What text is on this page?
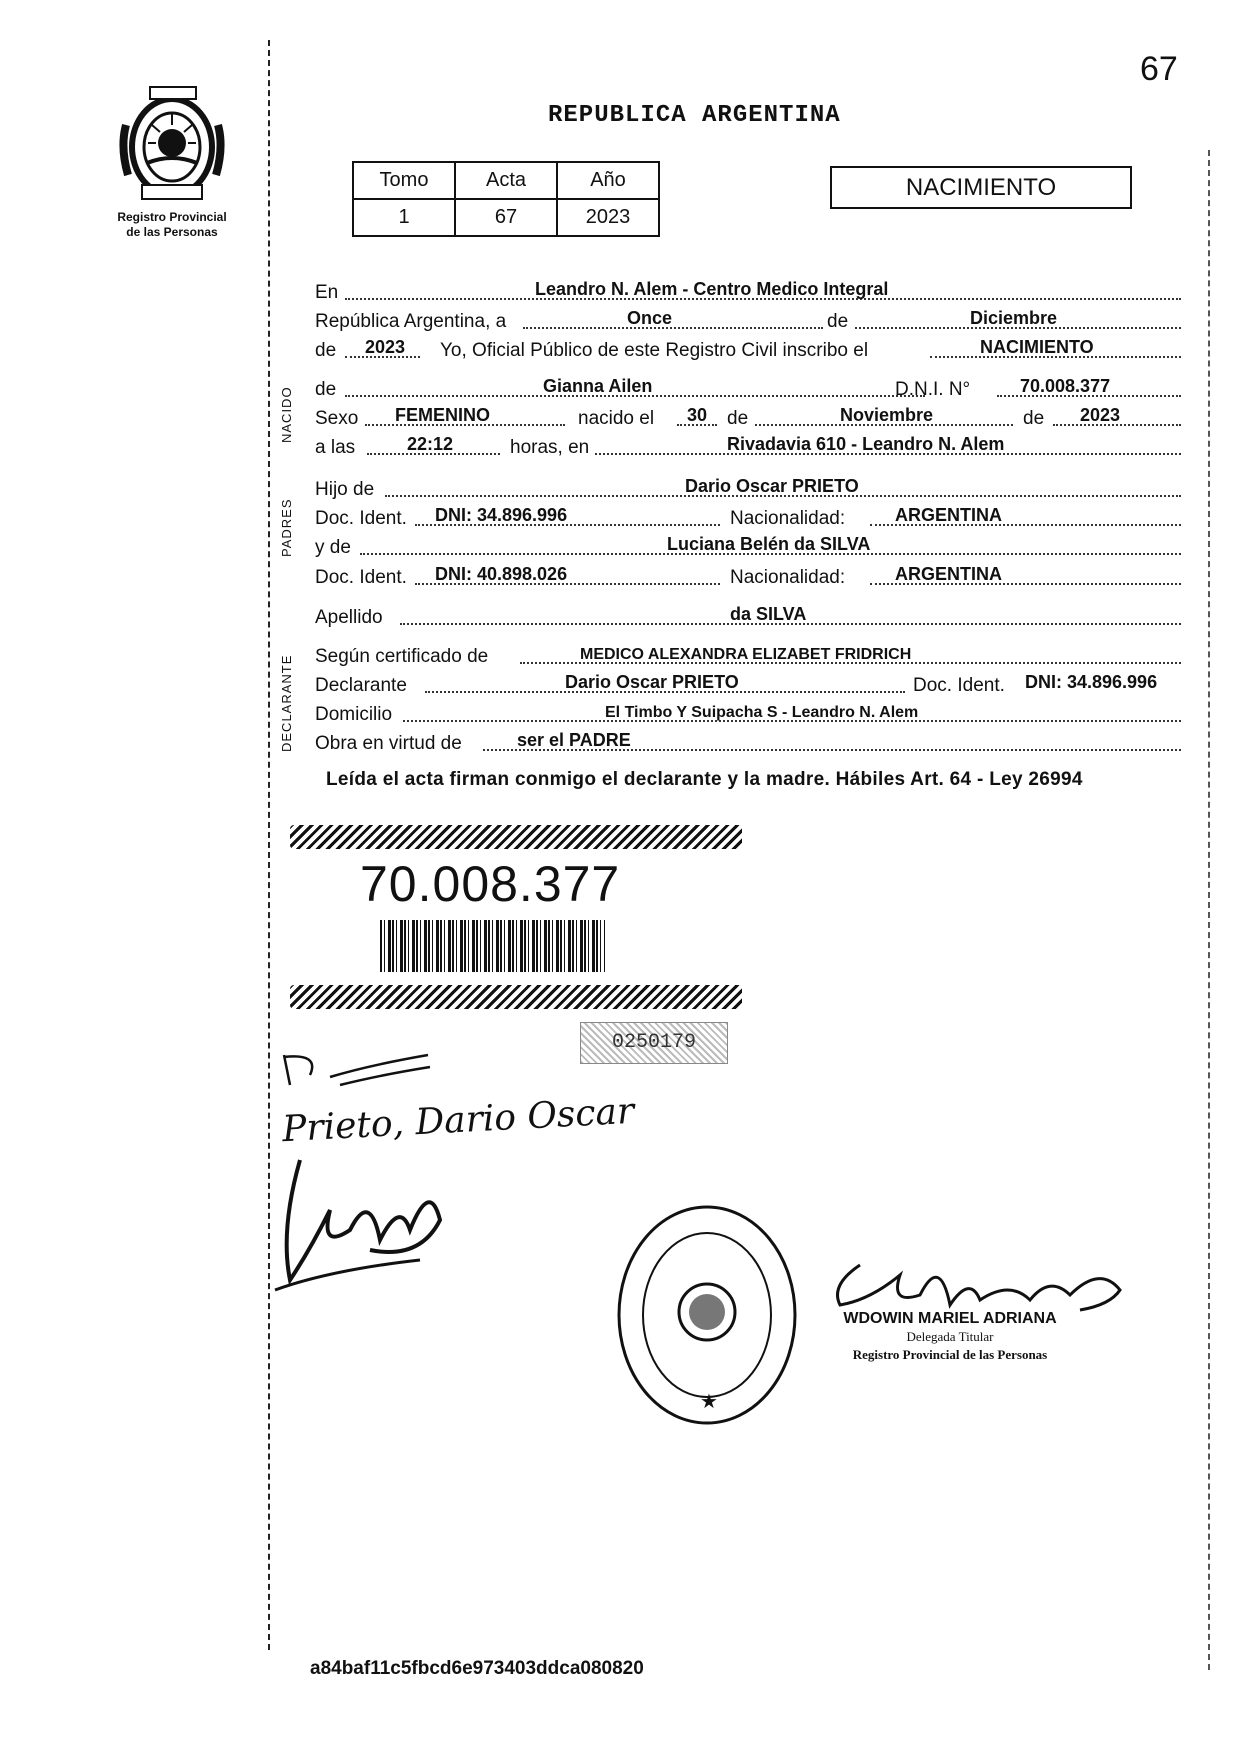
67
Registro Provincial
de las Personas
REPUBLICA ARGENTINA
Tomo	Acta	Año
1	67	2023
NACIMIENTO
NACIDO
PADRES
DECLARANTE
En	Leandro N. Alem - Centro Medico Integral
República Argentina, a	Once	de	Diciembre
de 2023 Yo, Oficial Público de este Registro Civil inscribo el	NACIMIENTO
de	Gianna Ailen	D.N.I. N°	70.008.377
Sexo FEMENINO	nacido el 30 de	Noviembre	de 2023
a las	22:12	horas, en	Rivadavia 610 - Leandro N. Alem
Hijo de	Dario Oscar PRIETO
Doc. Ident. DNI: 34.896.996	Nacionalidad:	ARGENTINA
y de	Luciana Belén da SILVA
Doc. Ident. DNI: 40.898.026	Nacionalidad:	ARGENTINA
Apellido	da SILVA
Según certificado de	MEDICO ALEXANDRA ELIZABET FRIDRICH
Declarante	Dario Oscar PRIETO	Doc. Ident. DNI: 34.896.996
Domicilio	El Timbo Y Suipacha S - Leandro N. Alem
Obra en virtud de	ser el PADRE
Leída el acta firman conmigo el declarante y la madre. Hábiles Art. 64 - Ley 26994
70.008.377
0250179
Prieto, Dario Oscar
★
WDOWIN MARIEL ADRIANA
Delegada Titular
Registro Provincial de las Personas
a84baf11c5fbcd6e973403ddca080820
